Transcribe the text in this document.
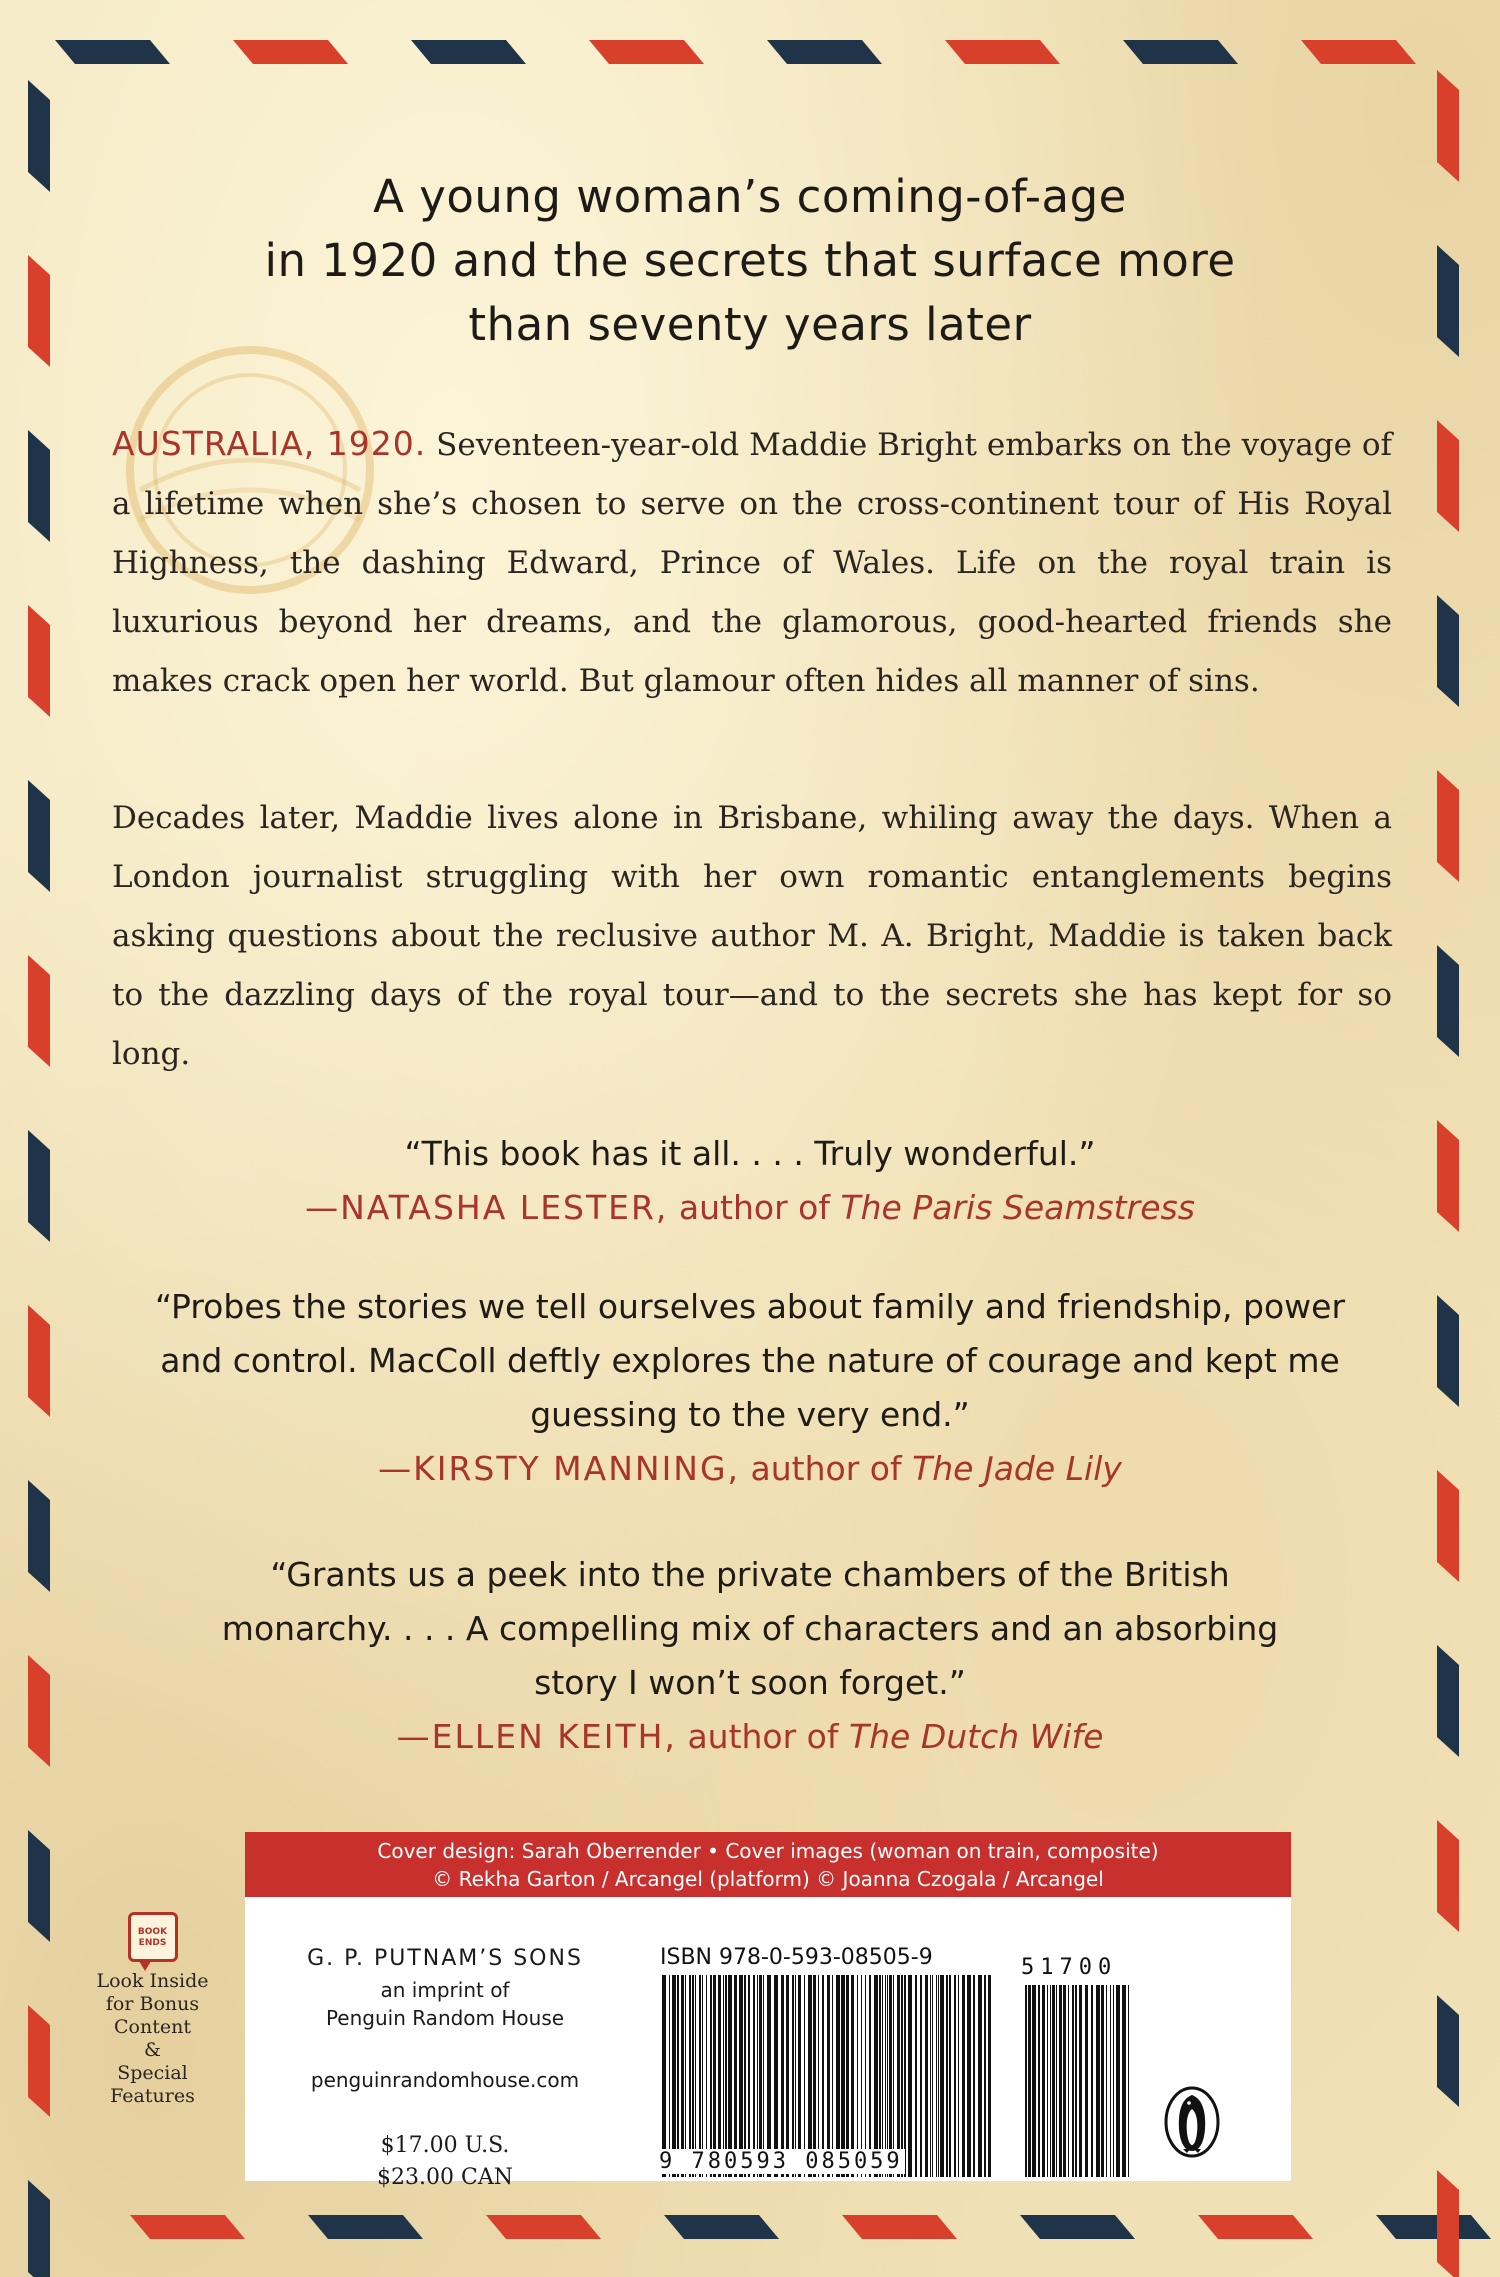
A young woman’s coming-of-age
in 1920 and the secrets that surface more
than seventy years later
AUSTRALIA, 1920. Seventeen-year-old Maddie Bright embarks on the voyage of a lifetime when she’s chosen to serve on the cross-continent tour of His Royal Highness, the dashing Edward, Prince of Wales. Life on the royal train is luxurious beyond her dreams, and the glamorous, good-hearted friends she makes crack open her world. But glamour often hides all manner of sins.
Decades later, Maddie lives alone in Brisbane, whiling away the days. When a London journalist struggling with her own romantic entanglements begins asking questions about the reclusive author M. A. Bright, Maddie is taken back to the dazzling days of the royal tour—and to the secrets she has kept for so long.
“This book has it all. . . . Truly wonderful.”
—NATASHA LESTER, author of The Paris Seamstress
“Probes the stories we tell ourselves about family and friendship, power and control. MacColl deftly explores the nature of courage and kept me guessing to the very end.”
—KIRSTY MANNING, author of The Jade Lily
“Grants us a peek into the private chambers of the British monarchy. . . . A compelling mix of characters and an absorbing story I won’t soon forget.”
—ELLEN KEITH, author of The Dutch Wife
Cover design: Sarah Oberrender • Cover images (woman on train, composite)
© Rekha Garton / Arcangel (platform) © Joanna Czogala / Arcangel
BOOK
ENDS
Look Inside
for Bonus
Content
&
Special
Features
G. P. PUTNAM’S SONS
an imprint of
Penguin Random House
penguinrandomhouse.com
$17.00 U.S.
$23.00 CAN
ISBN 978-0-593-08505-9
9 780593 085059
51700
